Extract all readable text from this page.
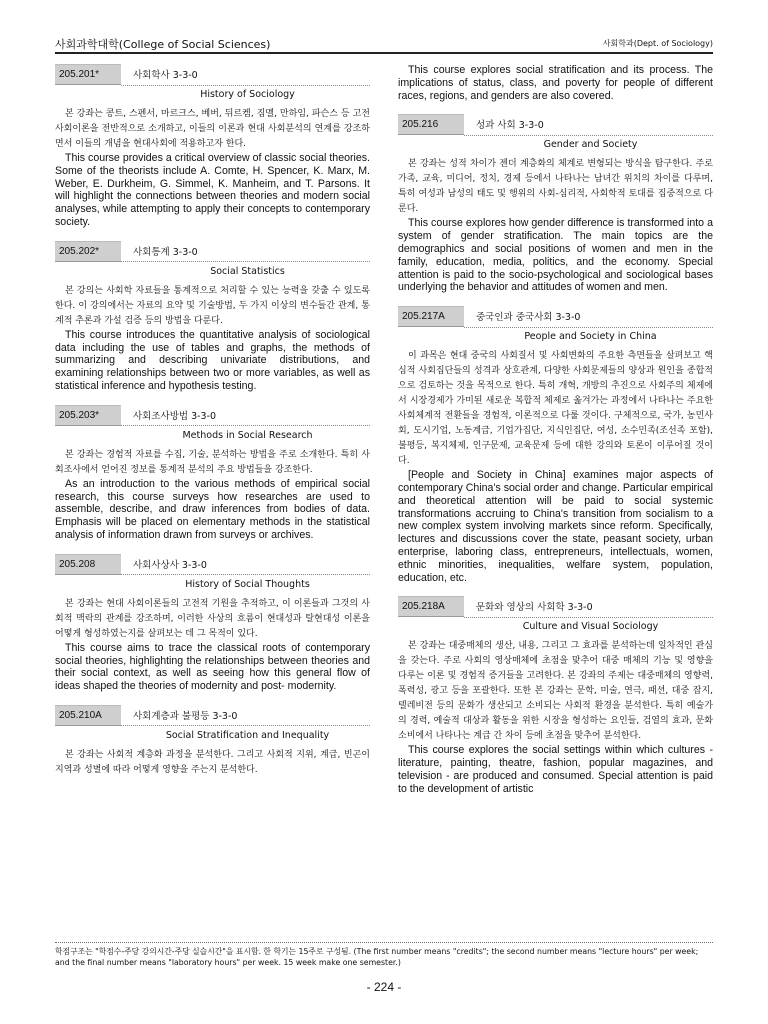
사회과학대학(College of Social Sciences)	사회학과(Dept. of Sociology)
205.201*	사회학사 3-3-0
History of Sociology

본 강좌는 콩트, 스펜서, 마르크스, 베버, 뒤르켐, 짐멜, 만하임, 파슨스 등 고전 사회이론을 전반적으로 소개하고, 이들의 이론과 현대 사회분석의 연계를 강조하면서 이들의 개념을 현대사회에 적용하고자 한다.

This course provides a critical overview of classic social theories. Some of the theorists include A. Comte, H. Spencer, K. Marx, M. Weber, E. Durkheim, G. Simmel, K. Manheim, and T. Parsons. It will highlight the connections between theories and modern social analyses, while attempting to apply their concepts to contemporary society.

205.202*	사회통계 3-3-0
Social Statistics

본 강의는 사회학 자료들을 통계적으로 처리할 수 있는 능력을 갖출 수 있도록 한다. 이 강의에서는 자료의 요약 및 기술방법, 두 가지 이상의 변수들간 관계, 통계적 추론과 가설 검증 등의 방법을 다룬다.

This course introduces the quantitative analysis of sociological data including the use of tables and graphs, the methods of summarizing and describing univariate distributions, and examining relationships between two or more variables, as well as statistical inference and hypothesis testing.

205.203*	사회조사방법 3-3-0
Methods in Social Research

본 강좌는 경험적 자료를 수집, 기술, 분석하는 방법을 주로 소개한다. 특히 사회조사에서 얻어진 정보를 통계적 분석의 주요 방법들을 강조한다.

As an introduction to the various methods of empirical social research, this course surveys how researches are used to assemble, describe, and draw inferences from bodies of data. Emphasis will be placed on elementary methods in the statistical analysis of information drawn from surveys or archives.

205.208	사회사상사 3-3-0
History of Social Thoughts

본 강좌는 현대 사회이론들의 고전적 기원을 추적하고, 이 이론들과 그것의 사회적 맥락의 관계를 강조하며, 이러한 사상의 흐름이 현대성과 탈현대성 이론을 어떻게 형성하였는지를 살펴보는 데 그 목적이 있다.

This course aims to trace the classical roots of contemporary social theories, highlighting the relationships between theories and their social context, as well as seeing how this general flow of ideas shaped the theories of modernity and post- modernity.

205.210A	사회계층과 불평등 3-3-0
Social Stratification and Inequality

본 강좌는 사회적 계층화 과정을 분석한다. 그리고 사회적 지위, 계급, 빈곤이 지역과 성별에 따라 어떻게 영향을 주는지 분석한다.

This course explores social stratification and its process. The implications of status, class, and poverty for people of different races, regions, and genders are also covered.

205.216	성과 사회 3-3-0
Gender and Society

본 강좌는 성적 차이가 젠더 계층화의 체계로 변형되는 방식을 탐구한다. 주로 가족, 교육, 미디어, 정치, 경제 등에서 나타나는 남녀간 위치의 차이를 다루며, 특히 여성과 남성의 태도 및 행위의 사회-심리적, 사회학적 토대를 집중적으로 다룬다.

This course explores how gender difference is transformed into a system of gender stratification. The main topics are the demographics and social positions of women and men in the family, education, media, politics, and the economy. Special attention is paid to the socio-psychological and sociological bases underlying the behavior and attitudes of women and men.

205.217A	중국인과 중국사회 3-3-0
People and Society in China

이 과목은 현대 중국의 사회질서 및 사회변화의 주요한 측면들을 살펴보고 핵심적 사회집단들의 성격과 상호관계, 다양한 사회문제들의 양상과 원인을 종합적으로 검토하는 것을 목적으로 한다. 특히 개혁, 개방의 추진으로 사회주의 체제에서 시장경제가 가미된 새로운 복합적 체제로 옮겨가는 과정에서 나타나는 주요한 사회체계적 전환들을 경험적, 이론적으로 다룰 것이다. 구체적으로, 국가, 농민사회, 도시기업, 노동계급, 기업가집단, 지식인집단, 여성, 소수민족(조선족 포함), 불평등, 복지체제, 인구문제, 교육문제 등에 대한 강의와 토론이 이루어질 것이다.

[People and Society in China] examines major aspects of contemporary China's social order and change. Particular empirical and theoretical attention will be paid to social systemic transformations accruing to China's transition from socialism to a new complex system involving markets since reform. Specifically, lectures and discussions cover the state, peasant society, urban enterprise, laboring class, entrepreneurs, intellectuals, women, ethnic minorities, inequalities, welfare system, population, education, etc.

205.218A	문화와 영상의 사회학 3-3-0
Culture and Visual Sociology

본 강좌는 대중매체의 생산, 내용, 그리고 그 효과를 분석하는데 일차적인 관심을 갖는다. 주로 사회의 영상매체에 초점을 맞추어 대중 매체의 기능 및 영향을 다루는 이론 및 경험적 증거들을 고려한다. 본 강좌의 주제는 대중매체의 영향력, 폭력성, 광고 등을 포괄한다. 또한 본 강좌는 문학, 미술, 연극, 패션, 대중 잡지, 텔레비전 등의 문화가 생산되고 소비되는 사회적 환경을 분석한다. 특히 예술가의 경력, 예술적 대상과 활동을 위한 시장을 형성하는 요인들, 검열의 효과, 문화소비에서 나타나는 계급 간 차이 등에 초점을 맞추어 분석한다.

This course explores the social settings within which cultures - literature, painting, theatre, fashion, popular magazines, and television - are produced and consumed. Special attention is paid to the development of artistic

학점구조는 "학점수-주당 강의시간-주당 실습시간"을 표시함. 한 학기는 15주로 구성됨. (The first number means "credits"; the second number means "lecture hours" per week; and the final number means "laboratory hours" per week. 15 week make one semester.)
- 224 -
